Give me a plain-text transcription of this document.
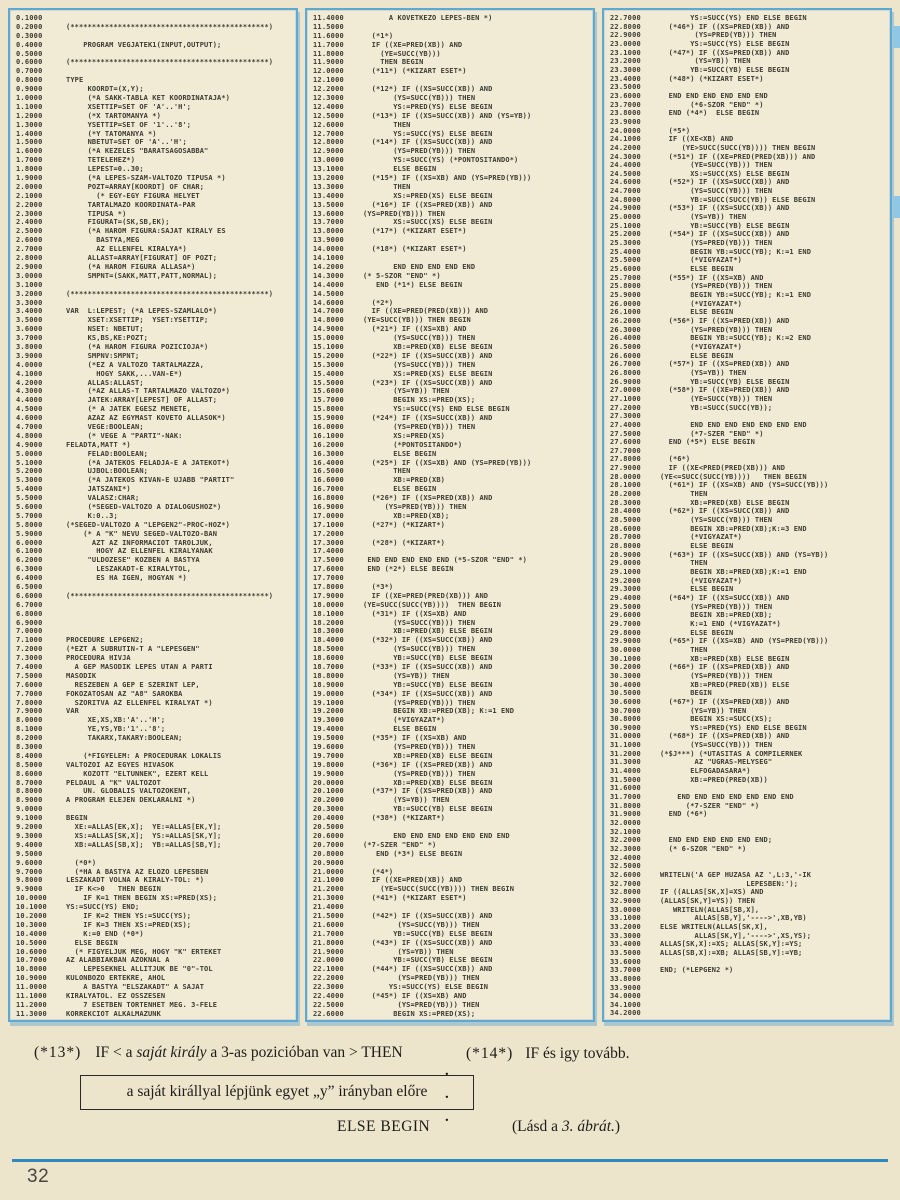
0.1000
0.2000	(**********************************************)
0.3000
0.4000	PROGRAM VEGJATEK1(INPUT,OUTPUT);
0.5000
0.6000	(**********************************************)
0.7000
0.8000	TYPE
0.9000	KOORDT=(X,Y);
1.0000	(*A SAKK-TABLA KET KOORDINATAJA*)
1.1000	XSETTIP=SET OF 'A'..'H';
1.2000	(*X TARTOMANYA *)
1.3000	YSETTIP=SET OF '1'..'8';
1.4000	(*Y TATOMANYA *)
1.5000	NBETUT=SET OF 'A'..'H';
1.6000	(*A KEZELES "BARATSAGOSABBA"
1.7000	TETELEHEZ*)
1.8000	LEPEST=0..30;
1.9000	(*A LEPES-SZAM-VALTOZO TIPUSA *)
2.0000	POZT=ARRAY[KOORDT] OF CHAR;
2.1000	(* EGY-EGY FIGURA HELYET
2.2000	TARTALMAZO KOORDINATA-PAR
2.3000	TIPUSA *)
2.4000	FIGURAT=(SK,SB,EK);
2.5000	(*A HAROM FIGURA:SAJAT KIRALY ES
2.6000	BASTYA,MEG
2.7000	AZ ELLENFEL KIRALYA*)
2.8000	ALLAST=ARRAY[FIGURAT] OF POZT;
2.9000	(*A HAROM FIGURA ALLASA*)
3.0000	SMPNT=(SAKK,MATT,PATT,NORMAL);
3.1000
3.2000	(**********************************************)
3.3000
3.4000	VAR  L:LEPEST; (*A LEPES-SZAMLALO*)
3.5000	XSET:XSETTIP;  YSET:YSETTIP;
3.6000	NSET: NBETUT;
3.7000	KS,BS,KE:POZT;
3.8000	(*A HAROM FIGURA POZICIOJA*)
3.9000	SMPNV:SMPNT;
4.0000	(*EZ A VALTOZO TARTALMAZZA,
4.1000	HOGY SAKK,...VAN-E*)
4.2000	ALLAS:ALLAST;
4.3000	(*AZ ALLAS-T TARTALMAZO VALTOZO*)
4.4000	JATEK:ARRAY[LEPEST] OF ALLAST;
4.5000	(* A JATEK EGESZ MENETE,
4.6000	AZAZ AZ EGYMAST KOVETO ALLASOK*)
4.7000	VEGE:BOOLEAN;
4.8000	(* VEGE A "PARTI"-NAK:
4.9000	FELADTA,MATT *)
5.0000	FELAD:BOOLEAN;
5.1000	(*A JATEKOS FELADJA-E A JATEKOT*)
5.2000	UJBOL:BOOLEAN;
5.3000	(*A JATEKOS KIVAN-E UJABB "PARTIT"
5.4000	JATSZANI*)
5.5000	VALASZ:CHAR;
5.6000	(*SEGED-VALTOZO A DIALOGUSHOZ*)
5.7000	K:0..3;
5.8000	(*SEGED-VALTOZO A "LEPGEN2"-PROC-HOZ*)
5.9000	(* A "K" NEVU SEGED-VALTOZO-BAN
6.0000	AZT AZ INFORMACIOT TAROLJUK,
6.1000	HOGY AZ ELLENFEL KIRALYANAK
6.2000	"ULDOZESE" KOZBEN A BASTYA
6.3000	LESZAKADT-E KIRALYTOL,
6.4000	ES HA IGEN, HOGYAN *)
6.5000
6.6000	(**********************************************)
6.7000
6.8000
6.9000
7.0000
7.1000	PROCEDURE LEPGEN2;
7.2000	(*EZT A SUBRUTIN-T A "LEPESGEN"
7.3000	PROCEDURA HIVJA
7.4000	A GEP MASODIK LEPES UTAN A PARTI
7.5000	MASODIK
7.6000	RESZEBEN A GEP E SZERINT LEP,
7.7000	FOKOZATOSAN AZ "A8" SAROKBA
7.8000	SZORITVA AZ ELLENFEL KIRALYAT *)
7.9000	VAR
8.0000	XE,XS,XB:'A'..'H';
8.1000	YE,YS,YB:'1'..'8';
8.2000	TAKARX,TAKARY:BOOLEAN;
8.3000
8.4000	(*FIGYELEM: A PROCEDURAK LOKALIS
8.5000	VALTOZOI AZ EGYES HIVASOK
8.6000	KOZOTT "ELTUNNEK", EZERT KELL
8.7000	PELDAUL A "K" VALTOZOT
8.8000	UN. GLOBALIS VALTOZOKENT,
8.9000	A PROGRAM ELEJEN DEKLARALNI *)
9.0000
9.1000	BEGIN
9.2000	XE:=ALLAS[EK,X];  YE:=ALLAS[EK,Y];
9.3000	XS:=ALLAS[SK,X];  YS:=ALLAS[SK,Y];
9.4000	XB:=ALLAS[SB,X];  YB:=ALLAS[SB,Y];
9.5000
9.6000	(*0*)
9.7000	(*HA A BASTYA AZ ELOZO LEPESBEN
9.8000	LESZAKADT VOLNA A KIRALY-TOL: *)
9.9000	IF K<>0   THEN BEGIN
10.0000	IF K=1 THEN BEGIN XS:=PRED(XS);
10.1000	YS:=SUCC(YS) END;
10.2000	IF K=2 THEN YS:=SUCC(YS);
10.3000	IF K=3 THEN XS:=PRED(XS);
10.4000	K:=0 END (*0*)
10.5000	ELSE BEGIN
10.6000	(* FIGYELJUK MEG, HOGY "K" ERTEKET
10.7000	AZ ALABBIAKBAN AZOKNAL A
10.8000	LEPESEKNEL ALLITJUK BE "0"-TOL
10.9000	KULONBOZO ERTEKRE, AHOL
11.0000	A BASTYA "ELSZAKADT" A SAJAT
11.1000	KIRALYATOL. EZ OSSZESEN
11.2000	7 ESETBEN TORTENHET MEG. 3-FELE
11.3000	KORREKCIOT ALKALMAZUNK
11.4000	A KOVETKEZO LEPES-BEN *)
11.5000
11.6000	(*1*)
11.7000	IF ((XE=PRED(XB)) AND
11.8000	(YE=SUCC(YB)))
11.9000	THEN BEGIN
12.0000	(*11*) (*KIZART ESET*)
12.1000
12.2000	(*12*) IF ((XS=SUCC(XB)) AND
12.3000	(YS=SUCC(YB))) THEN
12.4000	YS:=PRED(YS) ELSE BEGIN
12.5000	(*13*) IF ((XS=SUCC(XB)) AND (YS=YB))
12.6000	THEN
12.7000	YS:=SUCC(YS) ELSE BEGIN
12.8000	(*14*) IF ((XS=SUCC(XB)) AND
12.9000	(YS=PRED(YB))) THEN
13.0000	YS:=SUCC(YS) (*PONTOSITANDO*)
13.1000	ELSE BEGIN
13.2000	(*15*) IF ((XS=XB) AND (YS=PRED(YB)))
13.3000	THEN
13.4000	XS:=PRED(XS) ELSE BEGIN
13.5000	(*16*) IF ((XS=PRED(XB)) AND
13.6000	(YS=PRED(YB))) THEN
13.7000	XS:=SUCC(XS) ELSE BEGIN
13.8000	(*17*) (*KIZART ESET*)
13.9000
14.0000	(*18*) (*KIZART ESET*)
14.1000
14.2000	END END END END END
14.3000	(* 5-SZOR "END" *)
14.4000	END (*1*) ELSE BEGIN
14.5000
14.6000	(*2*)
14.7000	IF ((XE=PRED(PRED(XB))) AND
14.8000	(YE=SUCC(YB))) THEN BEGIN
14.9000	(*21*) IF ((XS=XB) AND
15.0000	(YS=SUCC(YB))) THEN
15.1000	XB:=PRED(XB) ELSE BEGIN
15.2000	(*22*) IF ((XS=SUCC(XB)) AND
15.3000	(YS=SUCC(YB))) THEN
15.4000	XS:=PRED(XS) ELSE BEGIN
15.5000	(*23*) IF ((XS=SUCC(XB)) AND
15.6000	(YS=YB)) THEN
15.7000	BEGIN XS:=PRED(XS);
15.8000	YS:=SUCC(YS) END ELSE BEGIN
15.9000	(*24*) IF ((XS=SUCC(XB)) AND
16.0000	(YS=PRED(YB))) THEN
16.1000	XS:=PRED(XS)
16.2000	(*PONTOSITANDO*)
16.3000	ELSE BEGIN
16.4000	(*25*) IF ((XS=XB) AND (YS=PRED(YB)))
16.5000	THEN
16.6000	XB:=PRED(XB)
16.7000	ELSE BEGIN
16.8000	(*26*) IF ((XS=PRED(XB)) AND
16.9000	(YS=PRED(YB))) THEN
17.0000	XB:=PRED(XB);
17.1000	(*27*) (*KIZART*)
17.2000
17.3000	(*28*) (*KIZART*)
17.4000
17.5000	END END END END END (*5-SZOR "END" *)
17.6000	END (*2*) ELSE BEGIN
17.7000
17.8000	(*3*)
17.9000	IF ((XE=PRED(PRED(XB))) AND
18.0000	(YE=SUCC(SUCC(YB))))  THEN BEGIN
18.1000	(*31*) IF ((XS=XB) AND
18.2000	(YS=SUCC(YB))) THEN
18.3000	XB:=PRED(XB) ELSE BEGIN
18.4000	(*32*) IF ((XS=SUCC(XB)) AND
18.5000	(YS=SUCC(YB))) THEN
18.6000	YB:=SUCC(YB) ELSE BEGIN
18.7000	(*33*) IF ((XS=SUCC(XB)) AND
18.8000	(YS=YB)) THEN
18.9000	YB:=SUCC(YB) ELSE BEGIN
19.0000	(*34*) IF ((XS=SUCC(XB)) AND
19.1000	(YS=PRED(YB))) THEN
19.2000	BEGIN XB:=PRED(XB); K:=1 END
19.3000	(*VIGYAZAT*)
19.4000	ELSE BEGIN
19.5000	(*35*) IF ((XS=XB) AND
19.6000	(YS=PRED(YB))) THEN
19.7000	XB:=PRED(XB) ELSE BEGIN
19.8000	(*36*) IF ((XS=PRED(XB)) AND
19.9000	(YS=PRED(YB))) THEN
20.0000	XB:=PRED(XB) ELSE BEGIN
20.1000	(*37*) IF ((XS=PRED(XB)) AND
20.2000	(YS=YB)) THEN
20.3000	YB:=SUCC(YB) ELSE BEGIN
20.4000	(*38*) (*KIZART*)
20.5000
20.6000	END END END END END END END
20.7000	(*7-SZER "END" *)
20.8000	END (*3*) ELSE BEGIN
20.9000
21.0000	(*4*)
21.1000	IF ((XE=PRED(XB)) AND
21.2000	(YE=SUCC(SUCC(YB)))) THEN BEGIN
21.3000	(*41*) (*KIZART ESET*)
21.4000
21.5000	(*42*) IF ((XS=SUCC(XB)) AND
21.6000	(YS=SUCC(YB))) THEN
21.7000	YB:=SUCC(YB) ELSE BEGIN
21.8000	(*43*) IF ((XS=SUCC(XB)) AND
21.9000	(YS=YB)) THEN
22.0000	YB:=SUCC(YB) ELSE BEGIN
22.1000	(*44*) IF ((XS=SUCC(XB)) AND
22.2000	(YS=PRED(YB))) THEN
22.3000	YS:=SUCC(YS) ELSE BEGIN
22.4000	(*45*) IF ((XS=XB) AND
22.5000	(YS=PRED(YB))) THEN
22.6000	BEGIN XS:=PRED(XS);
22.7000	YS:=SUCC(YS) END ELSE BEGIN
22.8000	(*46*) IF ((XS=PRED(XB)) AND
22.9000	(YS=PRED(YB))) THEN
23.0000	YS:=SUCC(YS) ELSE BEGIN
23.1000	(*47*) IF ((XS=PRED(XB)) AND
23.2000	(YS=YB)) THEN
23.3000	YB:=SUCC(YB) ELSE BEGIN
23.4000	(*48*) (*KIZART ESET*)
23.5000
23.6000	END END END END END END
23.7000	(*6-SZOR "END" *)
23.8000	END (*4*)  ELSE BEGIN
23.9000
24.0000	(*5*)
24.1000	IF ((XE<XB) AND
24.2000	(YE>SUCC(SUCC(YB)))) THEN BEGIN
24.3000	(*51*) IF ((XE=PRED(PRED(XB))) AND
24.4000	(YE=SUCC(YB))) THEN
24.5000	XS:=SUCC(XS) ELSE BEGIN
24.6000	(*52*) IF ((XS=SUCC(XB)) AND
24.7000	(YS=SUCC(YB))) THEN
24.8000	YB:=SUCC(SUCC(YB)) ELSE BEGIN
24.9000	(*53*) IF ((XS=SUCC(XB)) AND
25.0000	(YS=YB)) THEN
25.1000	YB:=SUCC(YB) ELSE BEGIN
25.2000	(*54*) IF ((XS=SUCC(XB)) AND
25.3000	(YS=PRED(YB))) THEN
25.4000	BEGIN YB:=SUCC(YB); K:=1 END
25.5000	(*VIGYAZAT*)
25.6000	ELSE BEGIN
25.7000	(*55*) IF ((XS=XB) AND
25.8000	(YS=PRED(YB))) THEN
25.9000	BEGIN YB:=SUCC(YB); K:=1 END
26.0000	(*VIGYAZAT*)
26.1000	ELSE BEGIN
26.2000	(*56*) IF ((XS=PRED(XB)) AND
26.3000	(YS=PRED(YB))) THEN
26.4000	BEGIN YB:=SUCC(YB); K:=2 END
26.5000	(*VIGYAZAT*)
26.6000	ELSE BEGIN
26.7000	(*57*) IF ((XS=PRED(XB)) AND
26.8000	(YS=YB)) THEN
26.9000	YB:=SUCC(YB) ELSE BEGIN
27.0000	(*58*) IF ((XE=PRED(XB)) AND
27.1000	(YE=SUCC(YB))) THEN
27.2000	YB:=SUCC(SUCC(YB));
27.3000
27.4000	END END END END END END END
27.5000	(*7-SZER "END" *)
27.6000	END (*5*) ELSE BEGIN
27.7000
27.8000	(*6*)
27.9000	IF ((XE<PRED(PRED(XB))) AND
28.0000	(YE<=SUCC(SUCC(YB))))   THEN BEGIN
28.1000	(*61*) IF ((XS=XB) AND (YS=SUCC(YB)))
28.2000	THEN
28.3000	XB:=PRED(XB) ELSE BEGIN
28.4000	(*62*) IF ((XS=SUCC(XB)) AND
28.5000	(YS=SUCC(YB))) THEN
28.6000	BEGIN XB:=PRED(XB);K:=3 END
28.7000	(*VIGYAZAT*)
28.8000	ELSE BEGIN
28.9000	(*63*) IF ((XS=SUCC(XB)) AND (YS=YB))
29.0000	THEN
29.1000	BEGIN XB:=PRED(XB);K:=1 END
29.2000	(*VIGYAZAT*)
29.3000	ELSE BEGIN
29.4000	(*64*) IF ((XS=SUCC(XB)) AND
29.5000	(YS=PRED(YB))) THEN
29.6000	BEGIN XB:=PRED(XB);
29.7000	K:=1 END (*VIGYAZAT*)
29.8000	ELSE BEGIN
29.9000	(*65*) IF ((XS=XB) AND (YS=PRED(YB)))
30.0000	THEN
30.1000	XB:=PRED(XB) ELSE BEGIN
30.2000	(*66*) IF ((XS=PRED(XB)) AND
30.3000	(YS=PRED(YB))) THEN
30.4000	XB:=PRED(PRED(XB)) ELSE
30.5000	BEGIN
30.6000	(*67*) IF ((XS=PRED(XB)) AND
30.7000	(YS=YB)) THEN
30.8000	BEGIN XS:=SUCC(XS);
30.9000	YS:=PRED(YS) END ELSE BEGIN
31.0000	(*68*) IF ((XS=PRED(XB)) AND
31.1000	(YS=SUCC(YB))) THEN
31.2000	(*$J***) (*UTASITAS A COMPILERNEK
31.3000	AZ "UGRAS-MELYSEG"
31.4000	ELFOGADASARA*)
31.5000	XB:=PRED(PRED(XB))
31.6000
31.7000	END END END END END END END
31.8000	(*7-SZER "END" *)
31.9000	END (*6*)
32.0000
32.1000
32.2000	END END END END END END;
32.3000	(* 6-SZOR "END" *)
32.4000
32.5000
32.6000	WRITELN('A GEP HUZASA AZ ',L:3,'-IK
32.7000	LEPESBEN:');
32.8000	IF ((ALLAS[SK,X]=XS) AND
32.9000	(ALLAS[SK,Y]=YS)) THEN
33.0000	WRITELN(ALLAS[SB,X],
33.1000	ALLAS[SB,Y],'---->',XB,YB)
33.2000	ELSE WRITELN(ALLAS[SK,X],
33.3000	ALLAS[SK,Y],'---->',XS,YS);
33.4000	ALLAS[SK,X]:=XS; ALLAS[SK,Y]:=YS;
33.5000	ALLAS[SB,X]:=XB; ALLAS[SB,Y]:=YB;
33.6000
33.7000	END; (*LEPGEN2 *)
33.8000
33.9000
34.0000
34.1000
34.2000
(*13*) IF < a saját király a 3-as pozicióban van > THEN
a saját királlyal lépjünk egyet „y” irányban előre
ELSE BEGIN
(*14*) IF és igy tovább.
.
.
.
(Lásd a 3. ábrát.)
32
